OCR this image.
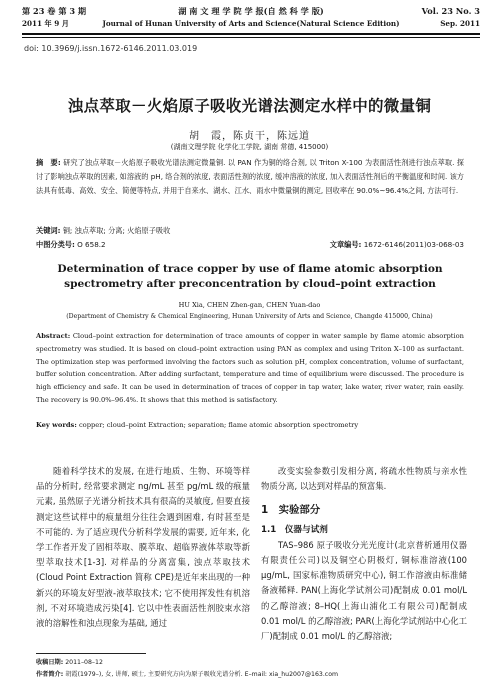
第 23 卷 第 3 期	湖 南 文 理 学 院 学 报(自 然 科 学 版)	Vol. 23 No. 3
2011 年 9 月	Journal of Hunan University of Arts and Science(Natural Science Edition)	Sep. 2011
doi: 10.3969/j.issn.1672-6146.2011.03.019
浊点萃取－火焰原子吸收光谱法测定水样中的微量铜
胡　霞，陈贞干，陈远道
(湖南文理学院 化学化工学院, 湖南 常德, 415000)
摘　要: 研究了浊点萃取－火焰原子吸收光谱法测定微量铜. 以 PAN 作为铜的络合剂, 以 Triton X-100 为表面活性剂进行浊点萃取. 探讨了影响浊点萃取的因素, 如溶液的 pH, 络合剂的浓度, 表面活性剂的浓度, 缓冲溶液的浓度, 加入表面活性剂后的平衡温度和时间. 该方法具有低毒、高效、安全、简便等特点, 并用于自来水、湖水、江水、雨水中微量铜的测定, 回收率在 90.0%~96.4%之间, 方法可行.
关键词: 铜; 浊点萃取; 分离; 火焰原子吸收
中图分类号: O 658.2	文章编号: 1672-6146(2011)03-068-03
Determination of trace copper by use of flame atomic absorption spectrometry after preconcentration by cloud–point extraction
HU Xia, CHEN Zhen-gan, CHEN Yuan-dao
(Department of Chemistry & Chemical Engineering, Hunan University of Arts and Science, Changde 415000, China)
Abstract: Cloud–point extraction for determination of trace amounts of copper in water sample by flame atomic absorption spectrometry was studied. It is based on cloud–point extraction using PAN as complex and using Triton X–100 as surfactant. The optimization step was performed involving the factors such as solution pH, complex concentration, volume of surfactant, buffer solution concentration. After adding surfactant, temperature and time of equilibrium were discussed. The procedure is high efficiency and safe. It can be used in determination of traces of copper in tap water, lake water, river water, rain easily. The recovery is 90.0%–96.4%. It shows that this method is satisfactory.
Key words: copper; cloud–point Extraction; separation; flame atomic absorption spectrometry
随着科学技术的发展, 在进行地质、生物、环境等样品的分析时, 经常要求测定 ng/mL 甚至 pg/mL 级的痕量元素, 虽然原子光谱分析技术具有很高的灵敏度, 但要直接测定这些试样中的痕量组分往往会遇到困难, 有时甚至是不可能的. 为了适应现代分析科学发展的需要, 近年来, 化学工作者开发了固相萃取、膜萃取、超临界液体萃取等新型萃取技术[1-3]. 对样品的分离富集, 浊点萃取技术(Cloud Point Extraction 简称 CPE)是近年来出现的一种新兴的环境友好型液-液萃取技术; 它不使用挥发性有机溶剂, 不对环境造成污染[4]. 它以中性表面活性剂胶束水溶液的溶解性和浊点现象为基础, 通过
改变实验参数引发相分离, 将疏水性物质与亲水性物质分离, 以达到对样品的预富集.
1　实验部分
1.1　仪器与试剂
TAS–986 原子吸收分光光度计(北京普析通用仪器有限责任公司)以及铜空心阴极灯, 铜标准溶液(100 μg/mL, 国家标准物质研究中心), 铜工作溶液由标准储备液稀释. PAN(上海化学试剂公司)配制成 0.01 mol/L 的乙醇溶液; 8–HQ(上海山浦化工有限公司)配制成 0.01 mol/L 的乙醇溶液; PAR(上海化学试剂站中心化工厂)配制成 0.01 mol/L 的乙醇溶液;
收稿日期: 2011–08–12
作者简介: 胡霞(1979–), 女, 讲师, 硕士, 主要研究方向为原子吸收光谱分析. E–mail: xia_hu2007@163.com
